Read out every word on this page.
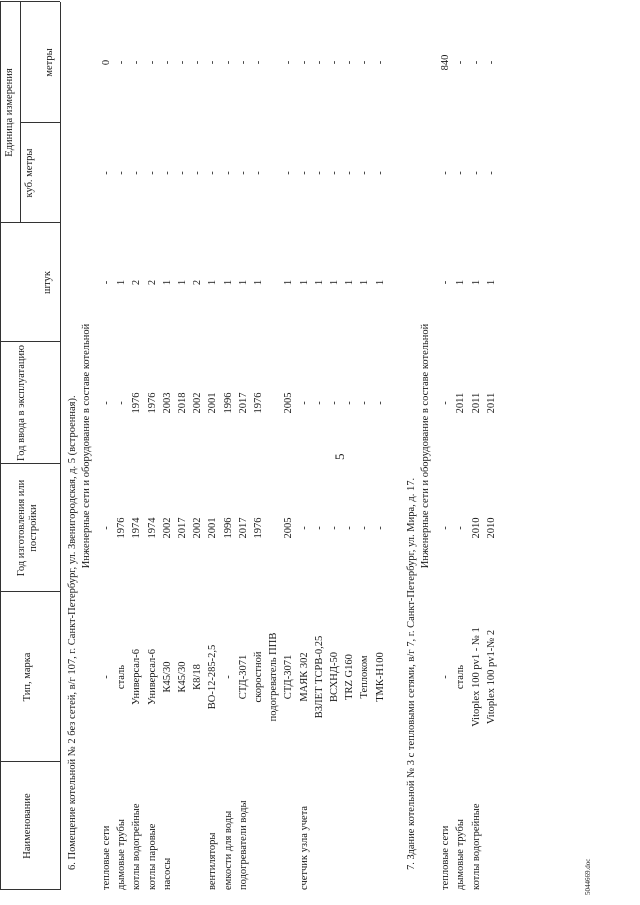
5
5044669.doc
Наименование
Тип, марка
Год изготовления или постройки
Год ввода в эксплуатацию
Единица измерения
штук
куб. метры
метры
6. Помещение котельной № 2 без сетей, в/г 107, г. Санкт-Петербург, ул. Звенигородская, д. 5 (встроенная). Инженерные сети и оборудование в составе котельной
тепловые сети
-
-
-
-
-
0
дымовые трубы
сталь
1976
-
1
-
-
котлы водогрейные
Универсал-6
1974
1976
2
-
-
котлы паровые
Универсал-6
1974
1976
2
-
-
насосы
К45/30
2002
2003
1
-
-
К45/30
2017
2018
1
-
-
К8/18
2002
2002
2
-
-
вентиляторы
ВО-12-285-2,5
2001
2001
1
-
-
емкости для воды
-
1996
1996
1
-
-
подогреватели воды
СТД-3071
2017
2017
1
-
-
скоростной
1976
1976
1
-
-
подогреватель ППВ СТД-3071
2005
2005
1
-
-
счетчик узла учета
МАЯК 302
-
-
1
-
-
ВЗЛЕТ ТСРВ-0,25
-
-
1
-
-
ВСХНД-50
-
-
1
-
-
TRZ G160
-
-
1
-
-
Теплоком
-
-
1
-
-
ТМК-Н100
-
-
1
-
-
7. Здание котельной № 3 с тепловыми сетями, в/г 7, г. Санкт-Петербург, ул. Мира, д. 17.
Инженерные сети и оборудование в составе котельной
тепловые сети
-
-
-
-
-
840
дымовые трубы
сталь
-
2011
1
-
-
котлы водогрейные
Vitoplex 100 pv1 - № 1
2010
2011
1
-
-
Vitoplex 100 pv1-№ 2
2010
2011
1
-
-
